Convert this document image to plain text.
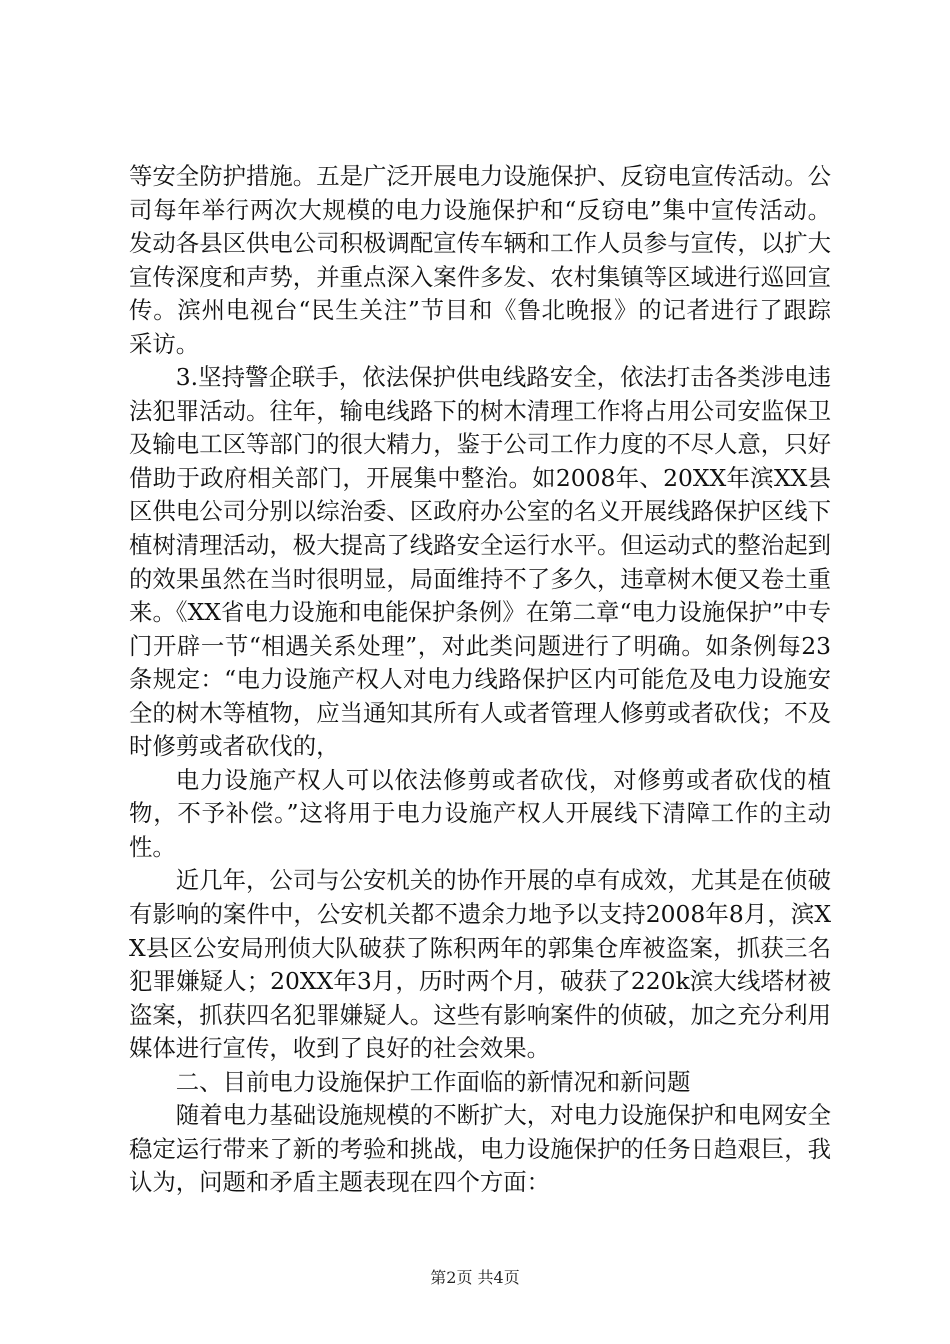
等安全防护措施。五是广泛开展电力设施保护、反窃电宣传活动。公司每年举行两次大规模的电力设施保护和“反窃电”集中宣传活动。发动各县区供电公司积极调配宣传车辆和工作人员参与宣传，以扩大宣传深度和声势，并重点深入案件多发、农村集镇等区域进行巡回宣传。滨州电视台“民生关注”节目和《鲁北晚报》的记者进行了跟踪采访。

3.坚持警企联手，依法保护供电线路安全，依法打击各类涉电违法犯罪活动。往年，输电线路下的树木清理工作将占用公司安监保卫及输电工区等部门的很大精力，鉴于公司工作力度的不尽人意，只好借助于政府相关部门，开展集中整治。如2008年、20XX年滨XX县区供电公司分别以综治委、区政府办公室的名义开展线路保护区线下植树清理活动，极大提高了线路安全运行水平。但运动式的整治起到的效果虽然在当时很明显，局面维持不了多久，违章树木便又卷土重来。《XX省电力设施和电能保护条例》在第二章“电力设施保护”中专门开辟一节“相遇关系处理”，对此类问题进行了明确。如条例每23条规定：“电力设施产权人对电力线路保护区内可能危及电力设施安全的树木等植物，应当通知其所有人或者管理人修剪或者砍伐；不及时修剪或者砍伐的，

电力设施产权人可以依法修剪或者砍伐，对修剪或者砍伐的植物，不予补偿。”这将用于电力设施产权人开展线下清障工作的主动性。

近几年，公司与公安机关的协作开展的卓有成效，尤其是在侦破有影响的案件中，公安机关都不遗余力地予以支持2008年8月，滨XX县区公安局刑侦大队破获了陈积两年的郭集仓库被盗案，抓获三名犯罪嫌疑人；20XX年3月，历时两个月，破获了220k滨大线塔材被盗案，抓获四名犯罪嫌疑人。这些有影响案件的侦破，加之充分利用媒体进行宣传，收到了良好的社会效果。

二、目前电力设施保护工作面临的新情况和新问题

随着电力基础设施规模的不断扩大，对电力设施保护和电网安全稳定运行带来了新的考验和挑战，电力设施保护的任务日趋艰巨，我认为，问题和矛盾主题表现在四个方面：

第2页 共4页
